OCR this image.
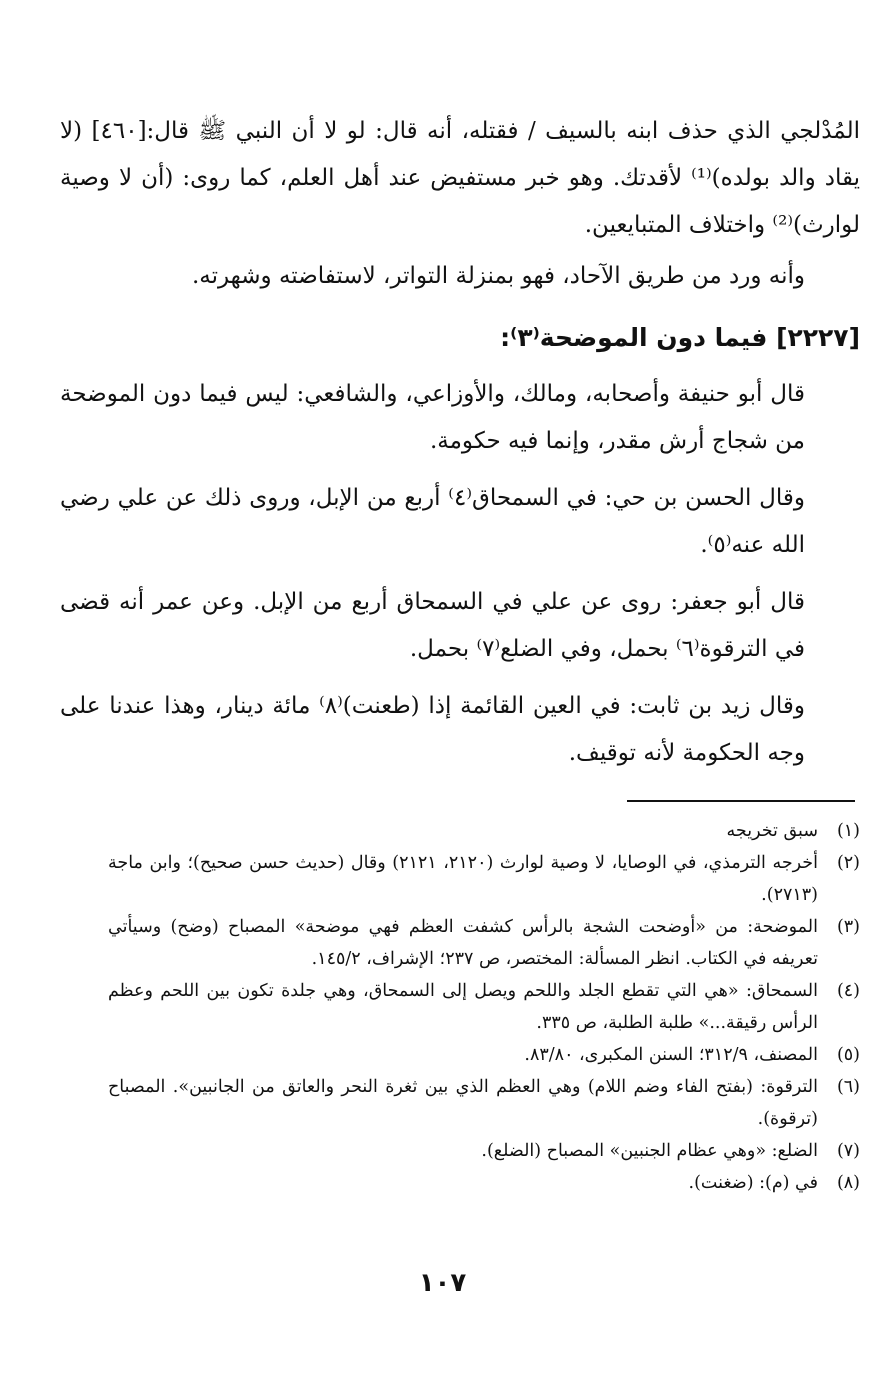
المُدْلجي الذي حذف ابنه بالسيف / فقتله، أنه قال: لو لا أن النبي ﷺ قال:[٤٦٠] (لا يقاد والد بولده)⁽¹⁾ لأقدتك. وهو خبر مستفيض عند أهل العلم، كما روى: (أن لا وصية لوارث)⁽²⁾ واختلاف المتبايعين.

وأنه ورد من طريق الآحاد، فهو بمنزلة التواتر، لاستفاضته وشهرته.

[٢٢٢٧] فيما دون الموضحة⁽٣⁾:

قال أبو حنيفة وأصحابه، ومالك، والأوزاعي، والشافعي: ليس فيما دون الموضحة من شجاج أرش مقدر، وإنما فيه حكومة.

وقال الحسن بن حي: في السمحاق⁽٤⁾ أربع من الإبل، وروى ذلك عن علي رضي الله عنه⁽٥⁾.

قال أبو جعفر: روى عن علي في السمحاق أربع من الإبل. وعن عمر أنه قضى في الترقوة⁽٦⁾ بحمل، وفي الضلع⁽٧⁾ بحمل.

وقال زيد بن ثابت: في العين القائمة إذا (طعنت)⁽٨⁾ مائة دينار، وهذا عندنا على وجه الحكومة لأنه توقيف.

(١)
سبق تخريجه

(٢)
أخرجه الترمذي، في الوصايا، لا وصية لوارث (٢١٢٠، ٢١٢١) وقال (حديث حسن صحيح)؛ وابن ماجة (٢٧١٣).

(٣)
الموضحة: من «أوضحت الشجة بالرأس كشفت العظم فهي موضحة» المصباح (وضح) وسيأتي تعريفه في الكتاب. انظر المسألة: المختصر، ص ٢٣٧؛ الإشراف، ١٤٥/٢.

(٤)
السمحاق: «هي التي تقطع الجلد واللحم ويصل إلى السمحاق، وهي جلدة تكون بين اللحم وعظم الرأس رقيقة...» طلبة الطلبة، ص ٣٣٥.

(٥)
المصنف، ٣١٢/٩؛ السنن المكبرى، ٨٣/٨٠.

(٦)
الترقوة: (بفتح الفاء وضم اللام) وهي العظم الذي بين ثغرة النحر والعاتق من الجانبين». المصباح (ترقوة).

(٧)
الضلع: «وهي عظام الجنبين» المصباح (الضلع).

(٨)
في (م): (ضغنت).

١٠٧
